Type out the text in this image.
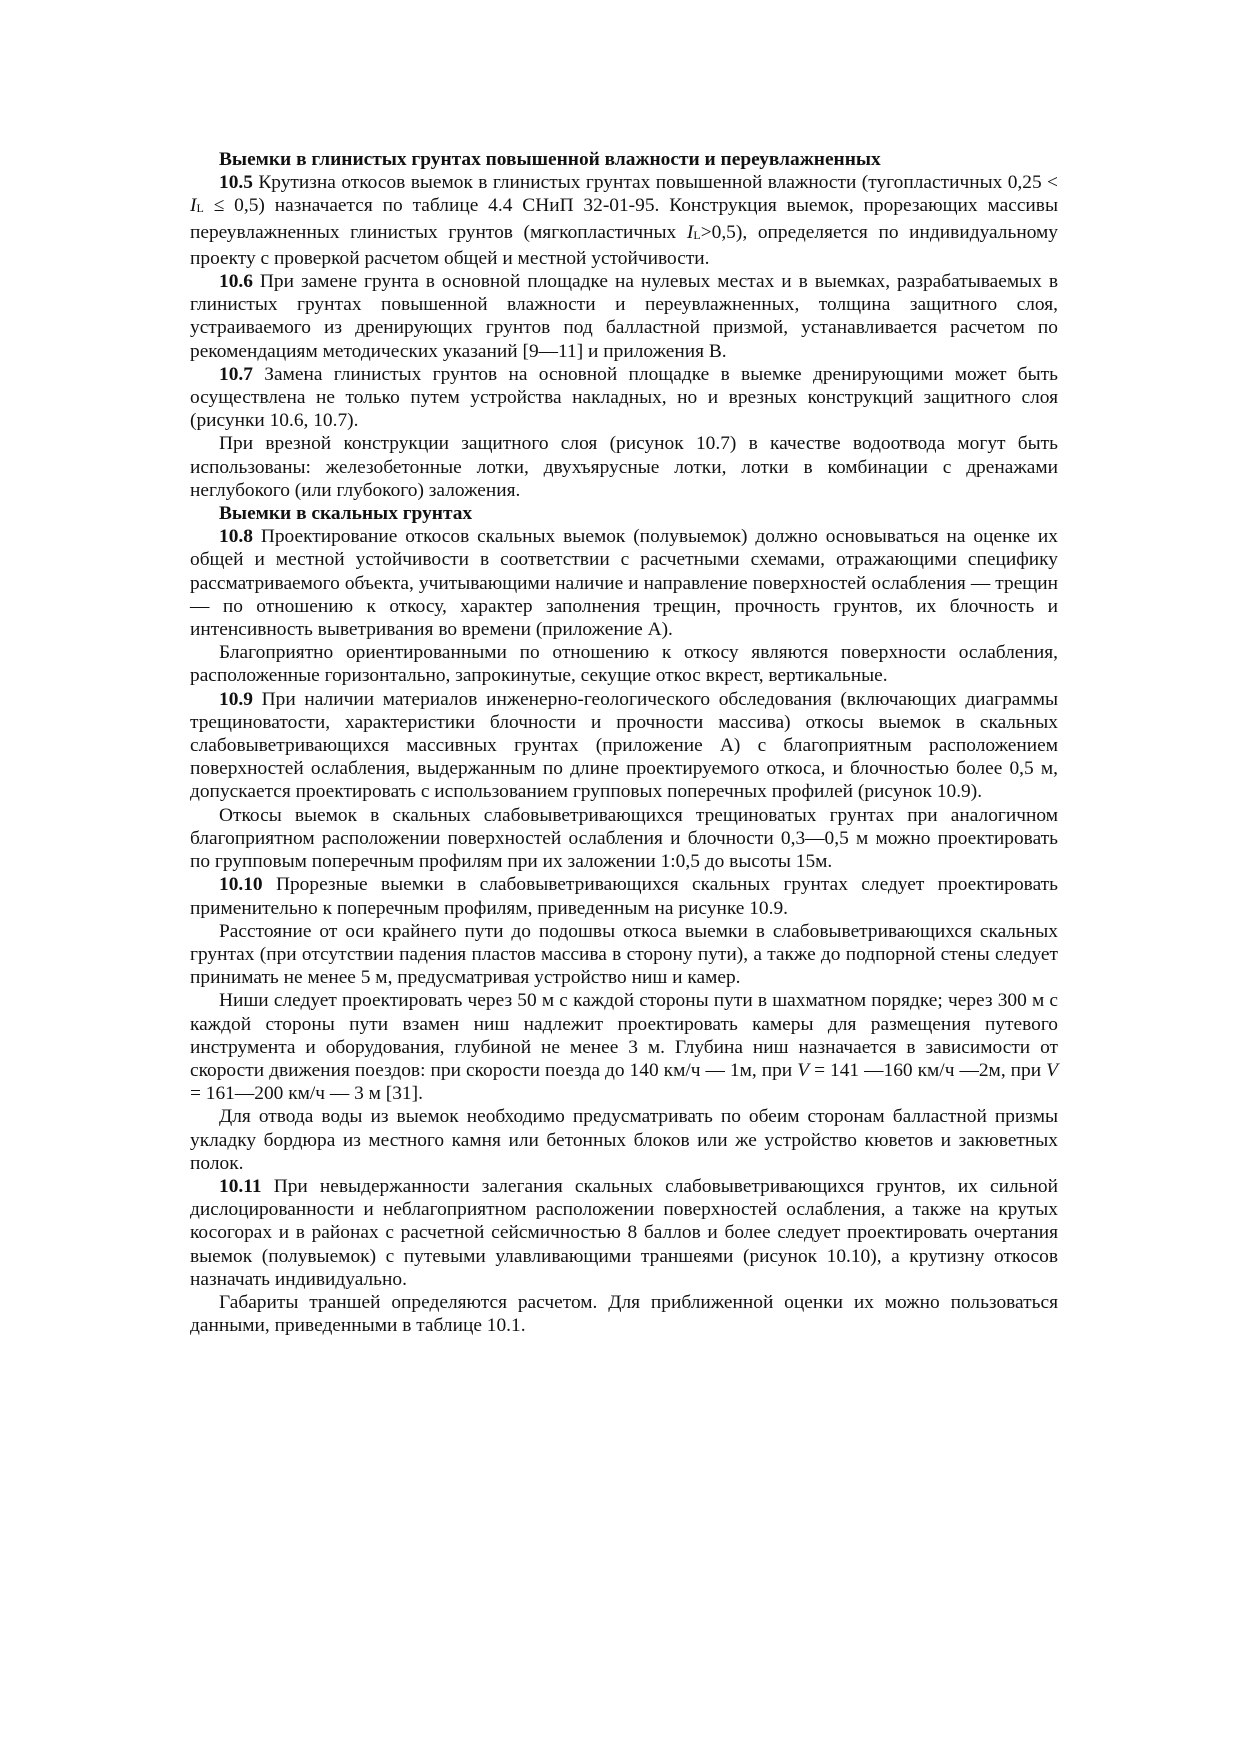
Выемки в глинистых грунтах повышенной влажности и переувлажненных

10.5 Крутизна откосов выемок в глинистых грунтах повышенной влажности (тугопластичных 0,25 < IL ≤ 0,5) назначается по таблице 4.4 СНиП 32-01-95. Конструкция выемок, прорезающих массивы переувлажненных глинистых грунтов (мягкопластичных IL>0,5), определяется по индивидуальному проекту с проверкой расчетом общей и местной устойчивости.

10.6 При замене грунта в основной площадке на нулевых местах и в выемках, разрабатываемых в глинистых грунтах повышенной влажности и переувлажненных, толщина защитного слоя, устраиваемого из дренирующих грунтов под балластной призмой, устанавливается расчетом по рекомендациям методических указаний [9—11] и приложения В.

10.7 Замена глинистых грунтов на основной площадке в выемке дренирующими может быть осуществлена не только путем устройства накладных, но и врезных конструкций защитного слоя (рисунки 10.6, 10.7).

При врезной конструкции защитного слоя (рисунок 10.7) в качестве водоотвода могут быть использованы: железобетонные лотки, двухъярусные лотки, лотки в комбинации с дренажами неглубокого (или глубокого) заложения.

Выемки в скальных грунтах

10.8 Проектирование откосов скальных выемок (полувыемок) должно основываться на оценке их общей и местной устойчивости в соответствии с расчетными схемами, отражающими специфику рассматриваемого объекта, учитывающими наличие и направление поверхностей ослабления — трещин — по отношению к откосу, характер заполнения трещин, прочность грунтов, их блочность и интенсивность выветривания во времени (приложение А).

Благоприятно ориентированными по отношению к откосу являются поверхности ослабления, расположенные горизонтально, запрокинутые, секущие откос вкрест, вертикальные.

10.9 При наличии материалов инженерно-геологического обследования (включающих диаграммы трещиноватости, характеристики блочности и прочности массива) откосы выемок в скальных слабовыветривающихся массивных грунтах (приложение А) с благоприятным расположением поверхностей ослабления, выдержанным по длине проектируемого откоса, и блочностью более 0,5 м, допускается проектировать с использованием групповых поперечных профилей (рисунок 10.9).

Откосы выемок в скальных слабовыветривающихся трещиноватых грунтах при аналогичном благоприятном расположении поверхностей ослабления и блочности 0,3—0,5 м можно проектировать по групповым поперечным профилям при их заложении 1:0,5 до высоты 15м.

10.10 Прорезные выемки в слабовыветривающихся скальных грунтах следует проектировать применительно к поперечным профилям, приведенным на рисунке 10.9.

Расстояние от оси крайнего пути до подошвы откоса выемки в слабовыветривающихся скальных грунтах (при отсутствии падения пластов массива в сторону пути), а также до подпорной стены следует принимать не менее 5 м, предусматривая устройство ниш и камер.

Ниши следует проектировать через 50 м с каждой стороны пути в шахматном порядке; через 300 м с каждой стороны пути взамен ниш надлежит проектировать камеры для размещения путевого инструмента и оборудования, глубиной не менее 3 м. Глубина ниш назначается в зависимости от скорости движения поездов: при скорости поезда до 140 км/ч — 1м, при V = 141 —160 км/ч —2м, при V = 161—200 км/ч — 3 м [31].

Для отвода воды из выемок необходимо предусматривать по обеим сторонам балластной призмы укладку бордюра из местного камня или бетонных блоков или же устройство кюветов и закюветных полок.

10.11 При невыдержанности залегания скальных слабовыветривающихся грунтов, их сильной дислоцированности и неблагоприятном расположении поверхностей ослабления, а также на крутых косогорах и в районах с расчетной сейсмичностью 8 баллов и более следует проектировать очертания выемок (полувыемок) с путевыми улавливающими траншеями (рисунок 10.10), а крутизну откосов назначать индивидуально.

Габариты траншей определяются расчетом. Для приближенной оценки их можно пользоваться данными, приведенными в таблице 10.1.
